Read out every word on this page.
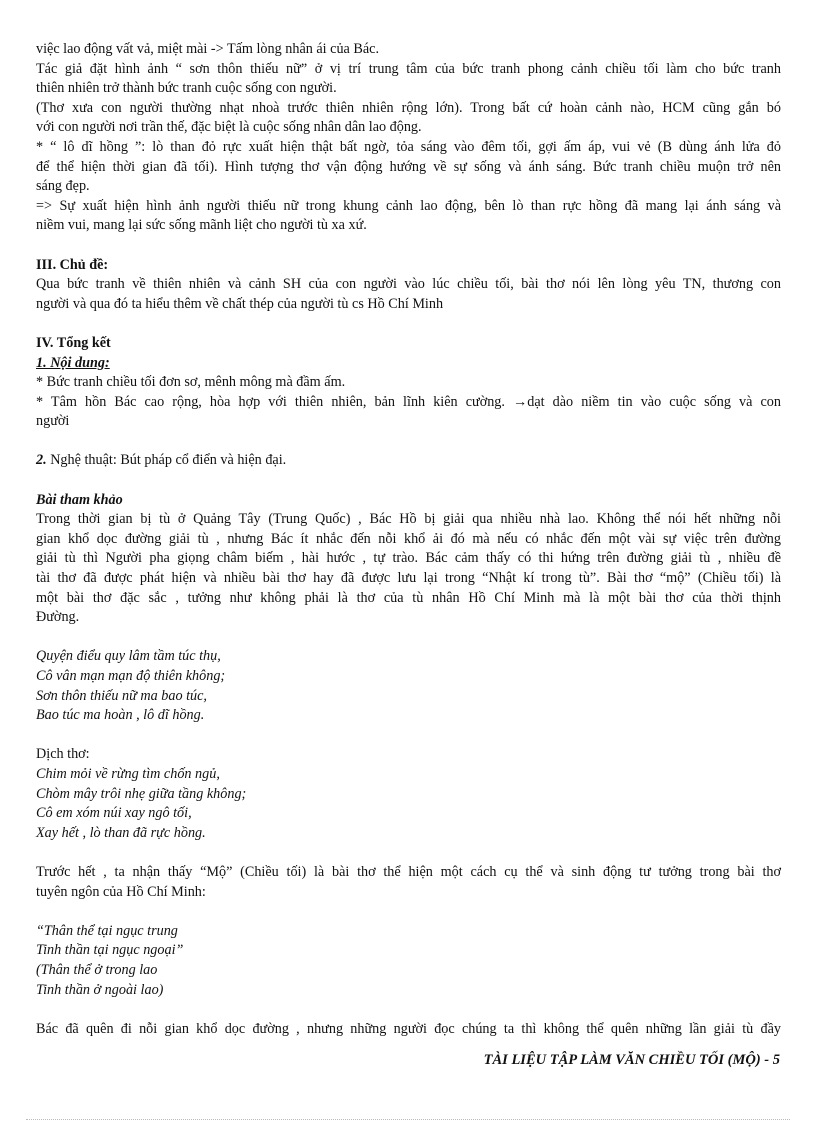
việc lao động vất vả, miệt mài -> Tấm lòng nhân ái của Bác.
Tác giả đặt hình ảnh “ sơn thôn thiếu nữ” ở vị trí trung tâm của bức tranh phong cảnh chiều tối làm cho bức tranh
thiên nhiên trở thành bức tranh cuộc sống con người.
(Thơ xưa con người thường nhạt nhoà trước thiên nhiên rộng lớn). Trong bất cứ hoàn cảnh nào, HCM cũng gắn bó
với con người nơi trần thế, đặc biệt là cuộc sống nhân dân lao động.
* “ lô dĩ hồng ”: lò than đỏ rực xuất hiện thật bất ngờ, tỏa sáng vào đêm tối, gợi ấm áp, vui vẻ (B dùng ánh lửa đỏ
để thể hiện thời gian đã tối). Hình tượng thơ vận động hướng về sự sống và ánh sáng. Bức tranh chiều muộn trở nên
sáng đẹp.
=> Sự xuất hiện hình ảnh người thiếu nữ trong khung cảnh lao động, bên lò than rực hồng đã mang lại ánh sáng và
niềm vui, mang lại sức sống mãnh liệt cho người tù xa xứ.
III. Chủ đề:
Qua bức tranh về thiên nhiên và cảnh SH của con người vào lúc chiều tối, bài thơ nói lên lòng yêu TN, thương con
người và qua đó ta hiểu thêm về chất thép của người tù cs Hồ Chí Minh
IV. Tổng kết
1. Nội dung:
* Bức tranh chiều tối đơn sơ, mênh mông mà đầm ấm.
* Tâm hồn Bác cao rộng, hòa hợp với thiên nhiên, bản lĩnh kiên cường. →dạt dào niềm tin vào cuộc sống và con
người
2. Nghệ thuật: Bút pháp cổ điển và hiện đại.
Bài tham khảo
Trong thời gian bị tù ở Quảng Tây (Trung Quốc) , Bác Hồ bị giải qua nhiều nhà lao. Không thể nói hết những nỗi
gian khổ dọc đường giải tù , nhưng Bác ít nhắc đến nỗi khổ ải đó mà nếu có nhắc đến một vài sự việc trên đường
giải tù thì Người pha giọng châm biếm , hài hước , tự trào. Bác cảm thấy có thi hứng trên đường giải tù , nhiều đề
tài thơ đã được phát hiện và nhiều bài thơ hay đã được lưu lại trong “Nhật kí trong tù”. Bài thơ “mộ” (Chiều tối) là
một bài thơ đặc sắc , tưởng như không phải là thơ của tù nhân Hồ Chí Minh mà là một bài thơ của thời thịnh
Đường.
Quyện điểu quy lâm tầm túc thụ,
Cô vân mạn mạn độ thiên không;
Sơn thôn thiếu nữ ma bao túc,
Bao túc ma hoàn , lô dĩ hồng.
Dịch thơ:
Chim mỏi về rừng tìm chốn ngủ,
Chòm mây trôi nhẹ giữa tầng không;
Cô em xóm núi xay ngô tối,
Xay hết , lò than đã rực hồng.
Trước hết , ta nhận thấy “Mộ” (Chiều tối) là bài thơ thể hiện một cách cụ thể và sinh động tư tưởng trong bài thơ
tuyên ngôn của Hồ Chí Minh:
“Thân thể tại ngục trung
Tinh thần tại ngục ngoại”
(Thân thể ở trong lao
Tinh thần ở ngoài lao)
Bác đã quên đi nỗi gian khổ dọc đường , nhưng những người đọc chúng ta thì không thể quên những lần giải tù đầy
TÀI LIỆU TẬP LÀM VĂN CHIỀU TỐI (MỘ) - 5
